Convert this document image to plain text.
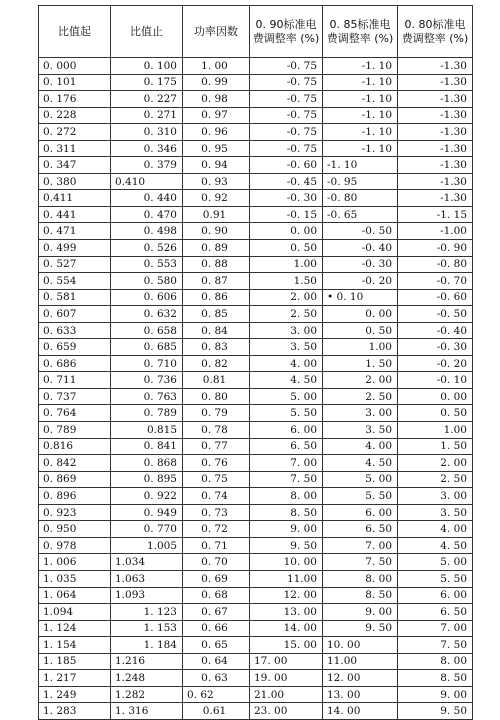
比值起	比值止	功率因数	0. 90标准电费调整率 (%)	0. 85标准电费调整率 (%)	0. 80标准电费调整率 (%)
0. 000	0. 100	1. 00	-0. 75	-1. 10	-1.30
0. 101	0. 175	0. 99	-0. 75	-1. 10	-1.30
0. 176	0. 227	0. 98	-0. 75	-1. 10	-1.30
0. 228	0. 271	0. 97	-0. 75	-1. 10	-1.30
0. 272	0. 310	0. 96	-0. 75	-1. 10	-1.30
0. 311	0. 346	0. 95	-0. 75	-1. 10	-1.30
0. 347	0. 379	0. 94	-0. 60	-1. 10	-1.30
0. 380	0.410	0. 93	-0. 45	-0. 95	-1.30
0.411	0. 440	0. 92	-0. 30	-0. 80	-1.30
0. 441	0. 470	0.91	-0. 15	-0. 65	-1. 15
0. 471	0. 498	0. 90	0. 00	-0. 50	-1.00
0. 499	0. 526	0. 89	0. 50	-0. 40	-0. 90
0. 527	0. 553	0. 88	1.00	-0. 30	-0. 80
0. 554	0. 580	0. 87	1.50	-0. 20	-0. 70
0. 581	0. 606	0. 86	2. 00	• 0. 10	-0. 60
0. 607	0. 632	0. 85	2. 50	0. 00	-0. 50
0. 633	0. 658	0. 84	3. 00	0. 50	-0. 40
0. 659	0. 685	0. 83	3. 50	1.00	-0. 30
0. 686	0. 710	0. 82	4. 00	1. 50	-0. 20
0. 711	0. 736	0.81	4. 50	2. 00	-0. 10
0. 737	0. 763	0. 80	5. 00	2. 50	0. 00
0. 764	0. 789	0. 79	5. 50	3. 00	0. 50
0. 789	0.815	0. 78	6. 00	3. 50	1.00
0.816	0. 841	0. 77	6. 50	4. 00	1. 50
0. 842	0. 868	0. 76	7. 00	4. 50	2. 00
0. 869	0. 895	0. 75	7. 50	5. 00	2. 50
0. 896	0. 922	0. 74	8. 00	5. 50	3. 00
0. 923	0. 949	0. 73	8. 50	6. 00	3. 50
0. 950	0. 770	0. 72	9. 00	6. 50	4. 00
0. 978	1.005	0. 71	9. 50	7. 00	4. 50
1. 006	1.034	0. 70	10. 00	7. 50	5. 00
1. 035	1.063	0. 69	11.00	8. 00	5. 50
1. 064	1.093	0. 68	12. 00	8. 50	6. 00
1.094	1. 123	0. 67	13. 00	9. 00	6. 50
1. 124	1. 153	0. 66	14. 00	9. 50	7. 00
1. 154	1. 184	0. 65	15. 00	10. 00	7. 50
1. 185	1.216	0. 64	17. 00	11.00	8. 00
1. 217	1.248	0. 63	19. 00	12. 00	8. 50
1. 249	1.282	0. 62	21.00	13. 00	9. 00
1. 283	1. 316	0.61	23. 00	14. 00	9. 50
